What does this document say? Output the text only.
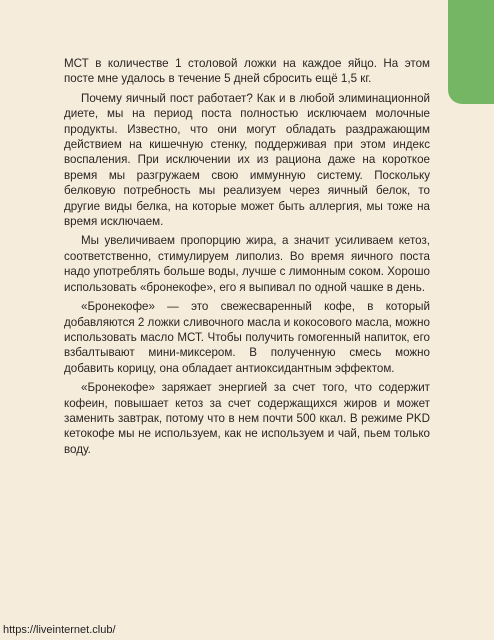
МСТ в количестве 1 столовой ложки на каждое яйцо. На этом посте мне удалось в течение 5 дней сбросить ещё 1,5 кг.

Почему яичный пост работает? Как и в любой элиминационной диете, мы на период поста полностью исключаем молочные продукты. Известно, что они могут обладать раздражающим действием на кишечную стенку, поддерживая при этом индекс воспаления. При исключении их из рациона даже на короткое время мы разгружаем свою иммунную систему. Поскольку белковую потребность мы реализуем через яичный белок, то другие виды белка, на которые может быть аллергия, мы тоже на время исключаем.

Мы увеличиваем пропорцию жира, а значит усиливаем кетоз, соответственно, стимулируем липолиз. Во время яичного поста надо употреблять больше воды, лучше с лимонным соком. Хорошо использовать «бронекофе», его я выпивал по одной чашке в день.

«Бронекофе» — это свежесваренный кофе, в который добавляются 2 ложки сливочного масла и кокосового масла, можно использовать масло МСТ. Чтобы получить гомогенный напиток, его взбалтывают мини-миксером. В полученную смесь можно добавить корицу, она обладает антиоксидантным эффектом.

«Бронекофе» заряжает энергией за счет того, что содержит кофеин, повышает кетоз за счет содержащихся жиров и может заменить завтрак, потому что в нем почти 500 ккал. В режиме PKD кетокофе мы не используем, как не используем и чай, пьем только воду.

https://liveinternet.club/
